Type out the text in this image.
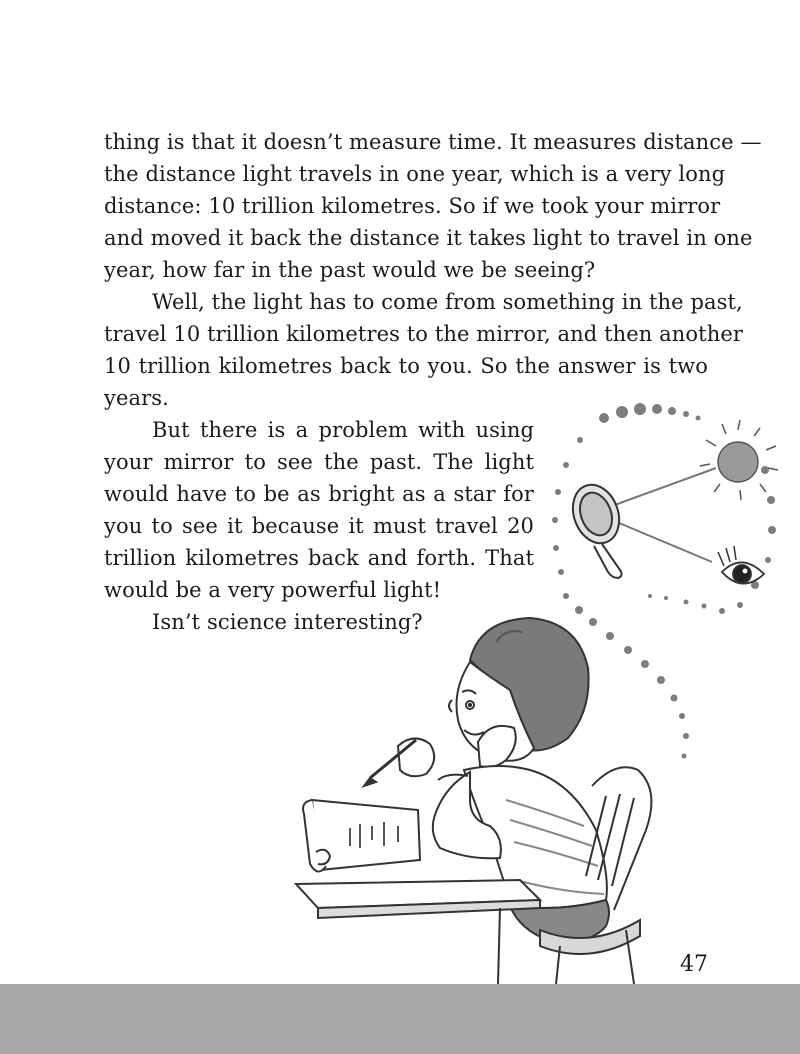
thing is that it doesn’t measure time. It measures distance —
the distance light travels in one year, which is a very long
distance: 10 trillion kilometres. So if we took your mirror
and moved it back the distance it takes light to travel in one
year, how far in the past would we be seeing?
Well, the light has to come from something in the past,
travel 10 trillion kilometres to the mirror, and then another
10 trillion kilometres back to you. So the answer is two
years.
But there is a problem with using
your mirror to see the past. The light
would have to be as bright as a star for
you to see it because it must travel 20
trillion kilometres back and forth. That
would be a very powerful light!
Isn’t science interesting?
47
